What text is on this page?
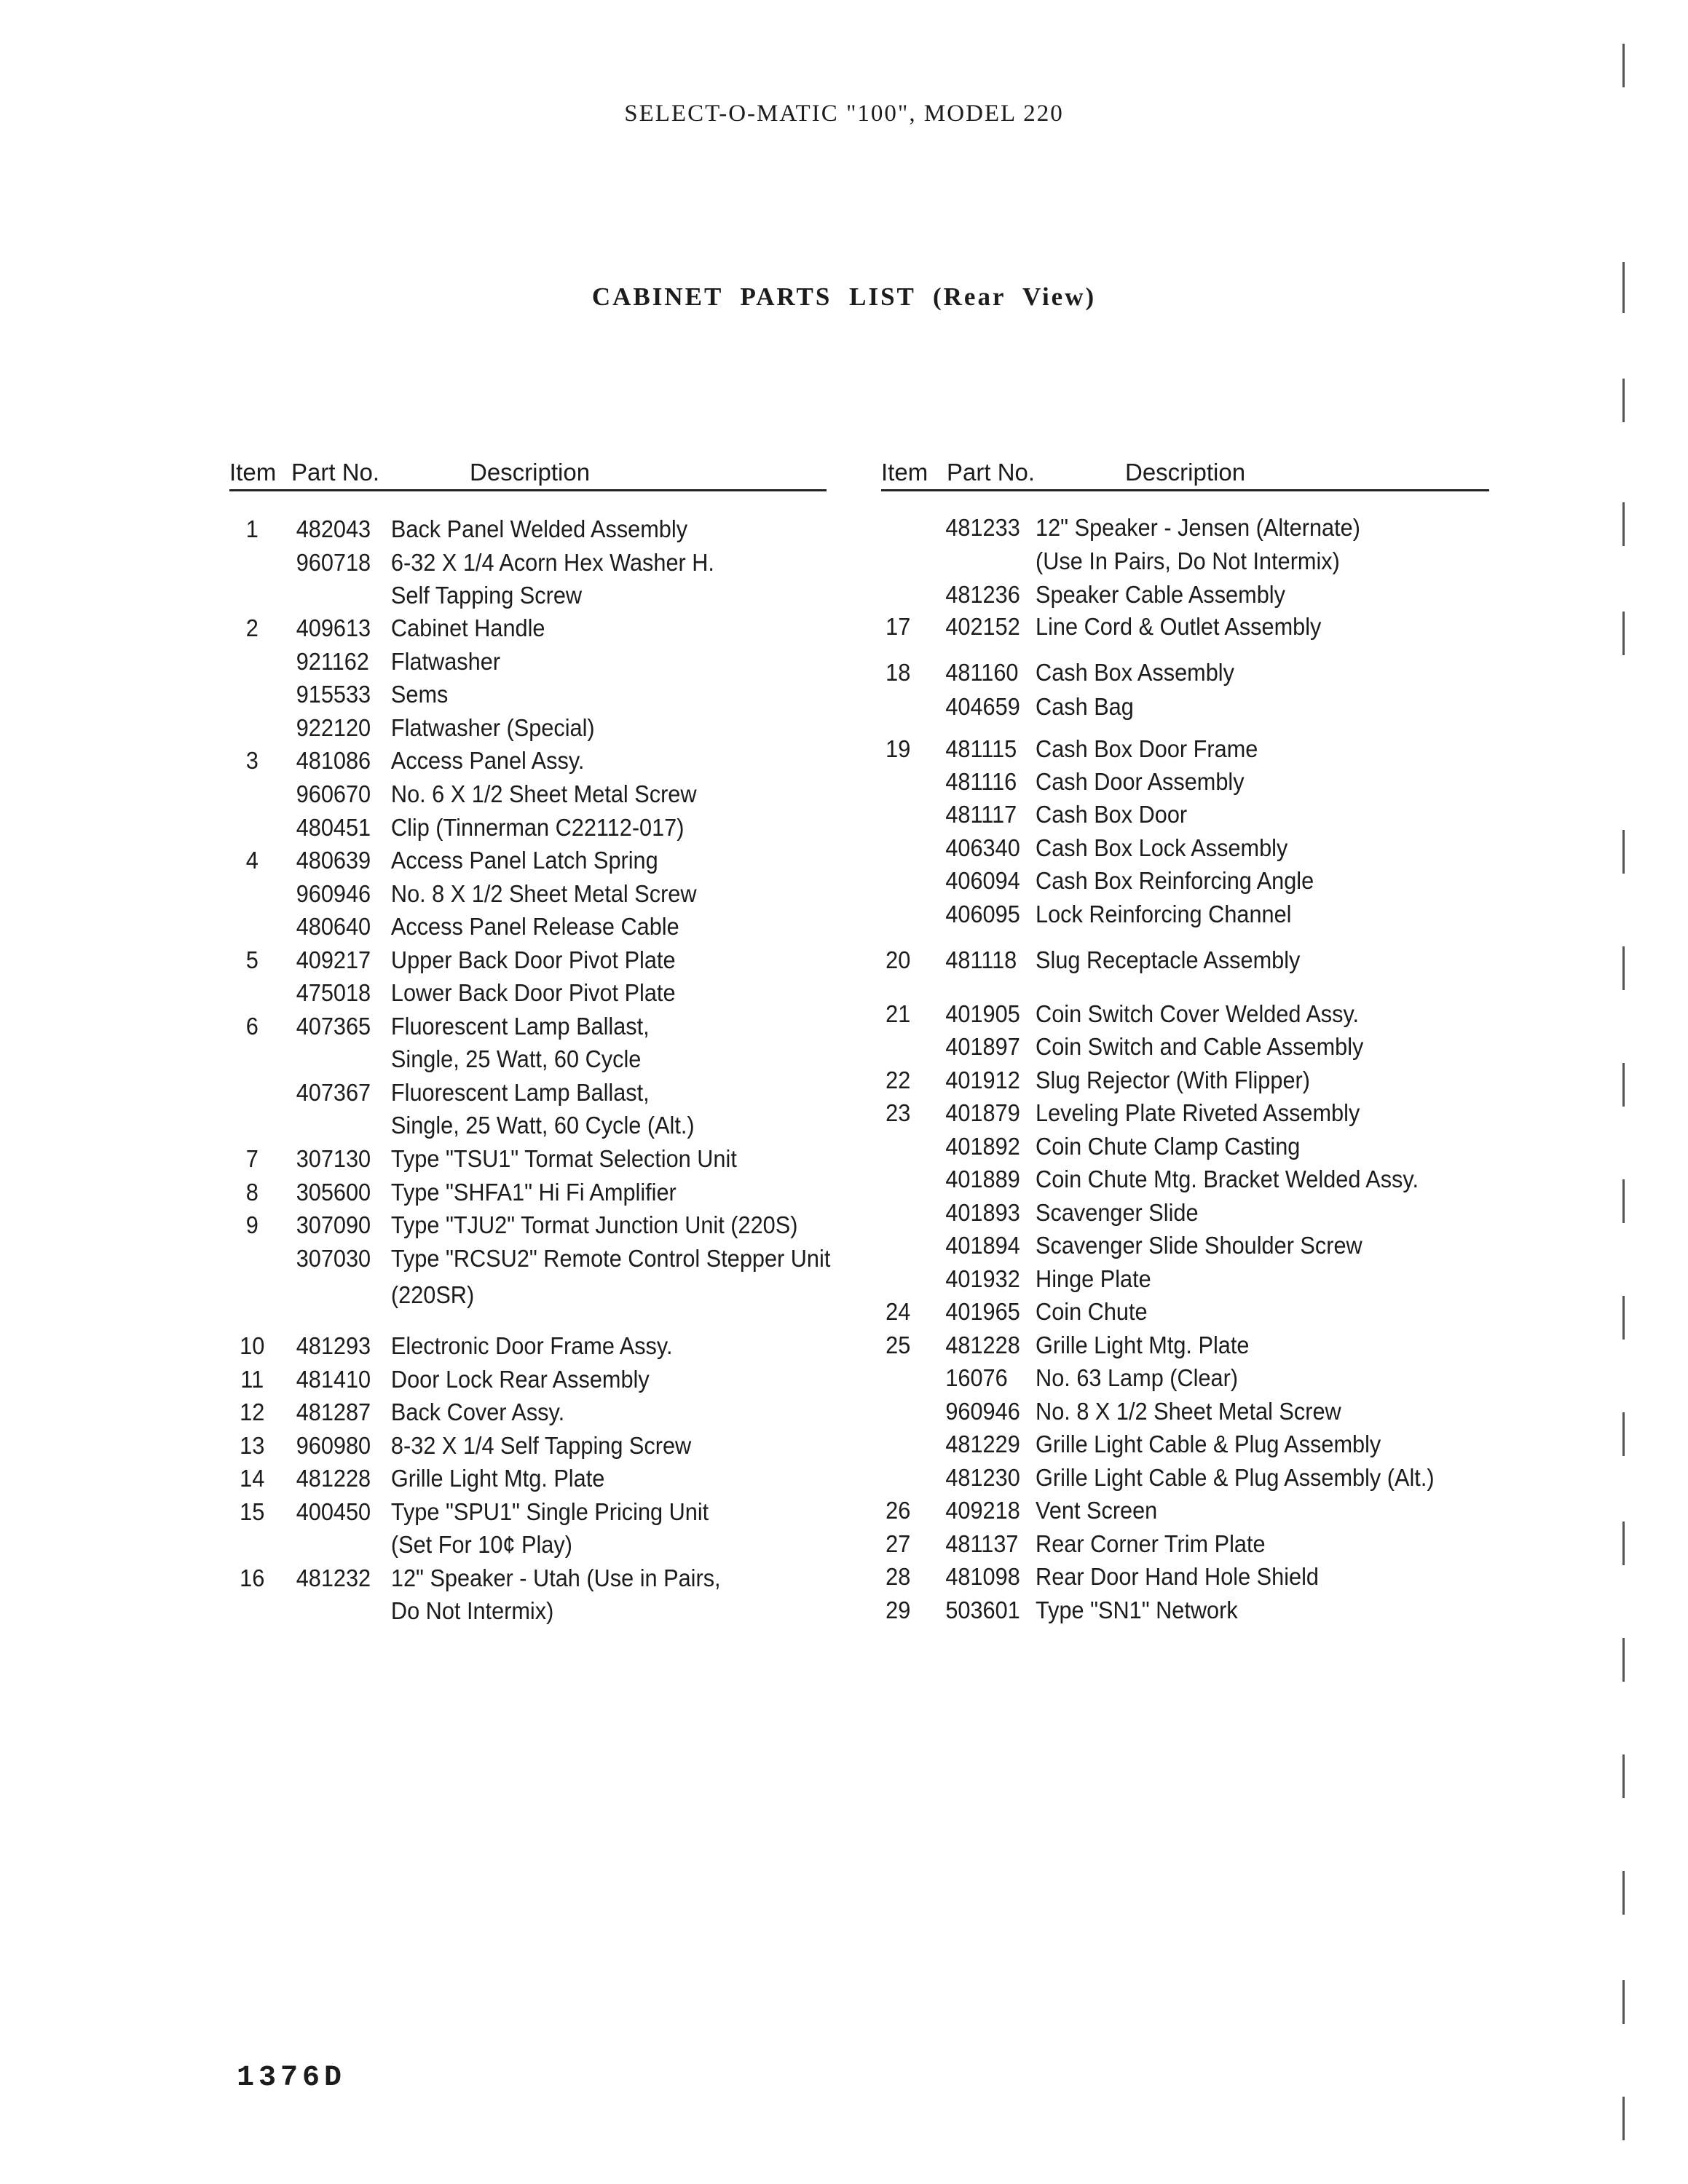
SELECT-O-MATIC "100", MODEL 220
CABINET PARTS LIST (Rear View)
Item Part No.	Description	Item Part No.	Description
1	482043 Back Panel Welded Assembly
960718 6-32 X 1/4 Acorn Hex Washer H.
Self Tapping Screw
2	409613 Cabinet Handle
921162 Flatwasher
915533 Sems
922120 Flatwasher (Special)
3	481086 Access Panel Assy.
960670 No. 6 X 1/2 Sheet Metal Screw
480451 Clip (Tinnerman C22112-017)
4	480639 Access Panel Latch Spring
960946 No. 8 X 1/2 Sheet Metal Screw
480640 Access Panel Release Cable
5	409217 Upper Back Door Pivot Plate
475018 Lower Back Door Pivot Plate
6	407365 Fluorescent Lamp Ballast,
Single, 25 Watt, 60 Cycle
407367 Fluorescent Lamp Ballast,
Single, 25 Watt, 60 Cycle (Alt.)
7	307130 Type "TSU1" Tormat Selection Unit
8	305600 Type "SHFA1" Hi Fi Amplifier
9	307090 Type "TJU2" Tormat Junction Unit (220S)
307030 Type "RCSU2" Remote Control Stepper Unit
(220SR)
10 481293 Electronic Door Frame Assy.
11 481410 Door Lock Rear Assembly
12 481287 Back Cover Assy.
13 960980 8-32 X 1/4 Self Tapping Screw
14 481228 Grille Light Mtg. Plate
15 400450 Type "SPU1" Single Pricing Unit
(Set For 10¢ Play)
16 481232 12" Speaker - Utah (Use in Pairs,
Do Not Intermix)
481233 12" Speaker - Jensen (Alternate)
(Use In Pairs, Do Not Intermix)
481236 Speaker Cable Assembly
17 402152 Line Cord & Outlet Assembly
18 481160 Cash Box Assembly
404659 Cash Bag
19 481115 Cash Box Door Frame
481116 Cash Door Assembly
481117 Cash Box Door
406340 Cash Box Lock Assembly
406094 Cash Box Reinforcing Angle
406095 Lock Reinforcing Channel
20 481118 Slug Receptacle Assembly
21 401905 Coin Switch Cover Welded Assy.
401897 Coin Switch and Cable Assembly
22 401912 Slug Rejector (With Flipper)
23 401879 Leveling Plate Riveted Assembly
401892 Coin Chute Clamp Casting
401889 Coin Chute Mtg. Bracket Welded Assy.
401893 Scavenger Slide
401894 Scavenger Slide Shoulder Screw
401932 Hinge Plate
24 401965 Coin Chute
25 481228 Grille Light Mtg. Plate
16076 No. 63 Lamp (Clear)
960946 No. 8 X 1/2 Sheet Metal Screw
481229 Grille Light Cable & Plug Assembly
481230 Grille Light Cable & Plug Assembly (Alt.)
26 409218 Vent Screen
27 481137 Rear Corner Trim Plate
28 481098 Rear Door Hand Hole Shield
29 503601 Type "SN1" Network
1376D
